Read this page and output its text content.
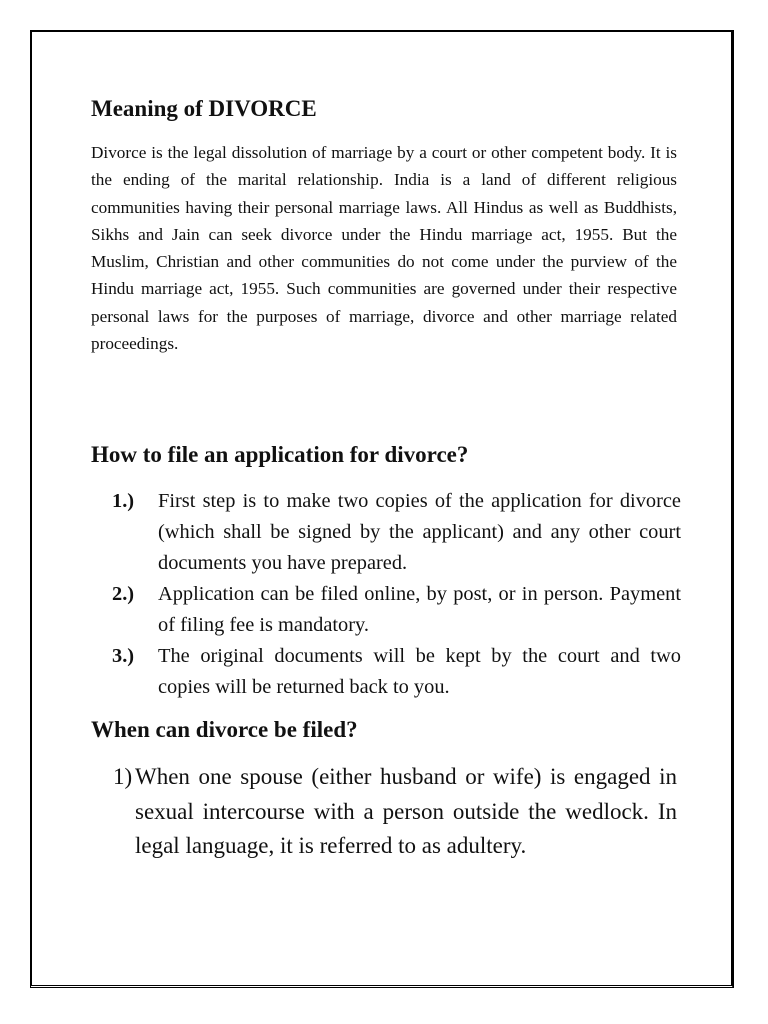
Meaning of DIVORCE

Divorce is the legal dissolution of marriage by a court or other competent body. It is the ending of the marital relationship. India is a land of different religious communities having their personal marriage laws. All Hindus as well as Buddhists, Sikhs and Jain can seek divorce under the Hindu marriage act, 1955. But the Muslim, Christian and other communities do not come under the purview of the Hindu marriage act, 1955. Such communities are governed under their respective personal laws for the purposes of marriage, divorce and other marriage related proceedings.

How to file an application for divorce?
1.) First step is to make two copies of the application for divorce (which shall be signed by the applicant) and any other court documents you have prepared.
2.) Application can be filed online, by post, or in person. Payment of filing fee is mandatory.
3.) The original documents will be kept by the court and two copies will be returned back to you.
When can divorce be filed?
1) When one spouse (either husband or wife) is engaged in sexual intercourse with a person outside the wedlock. In legal language, it is referred to as adultery.
